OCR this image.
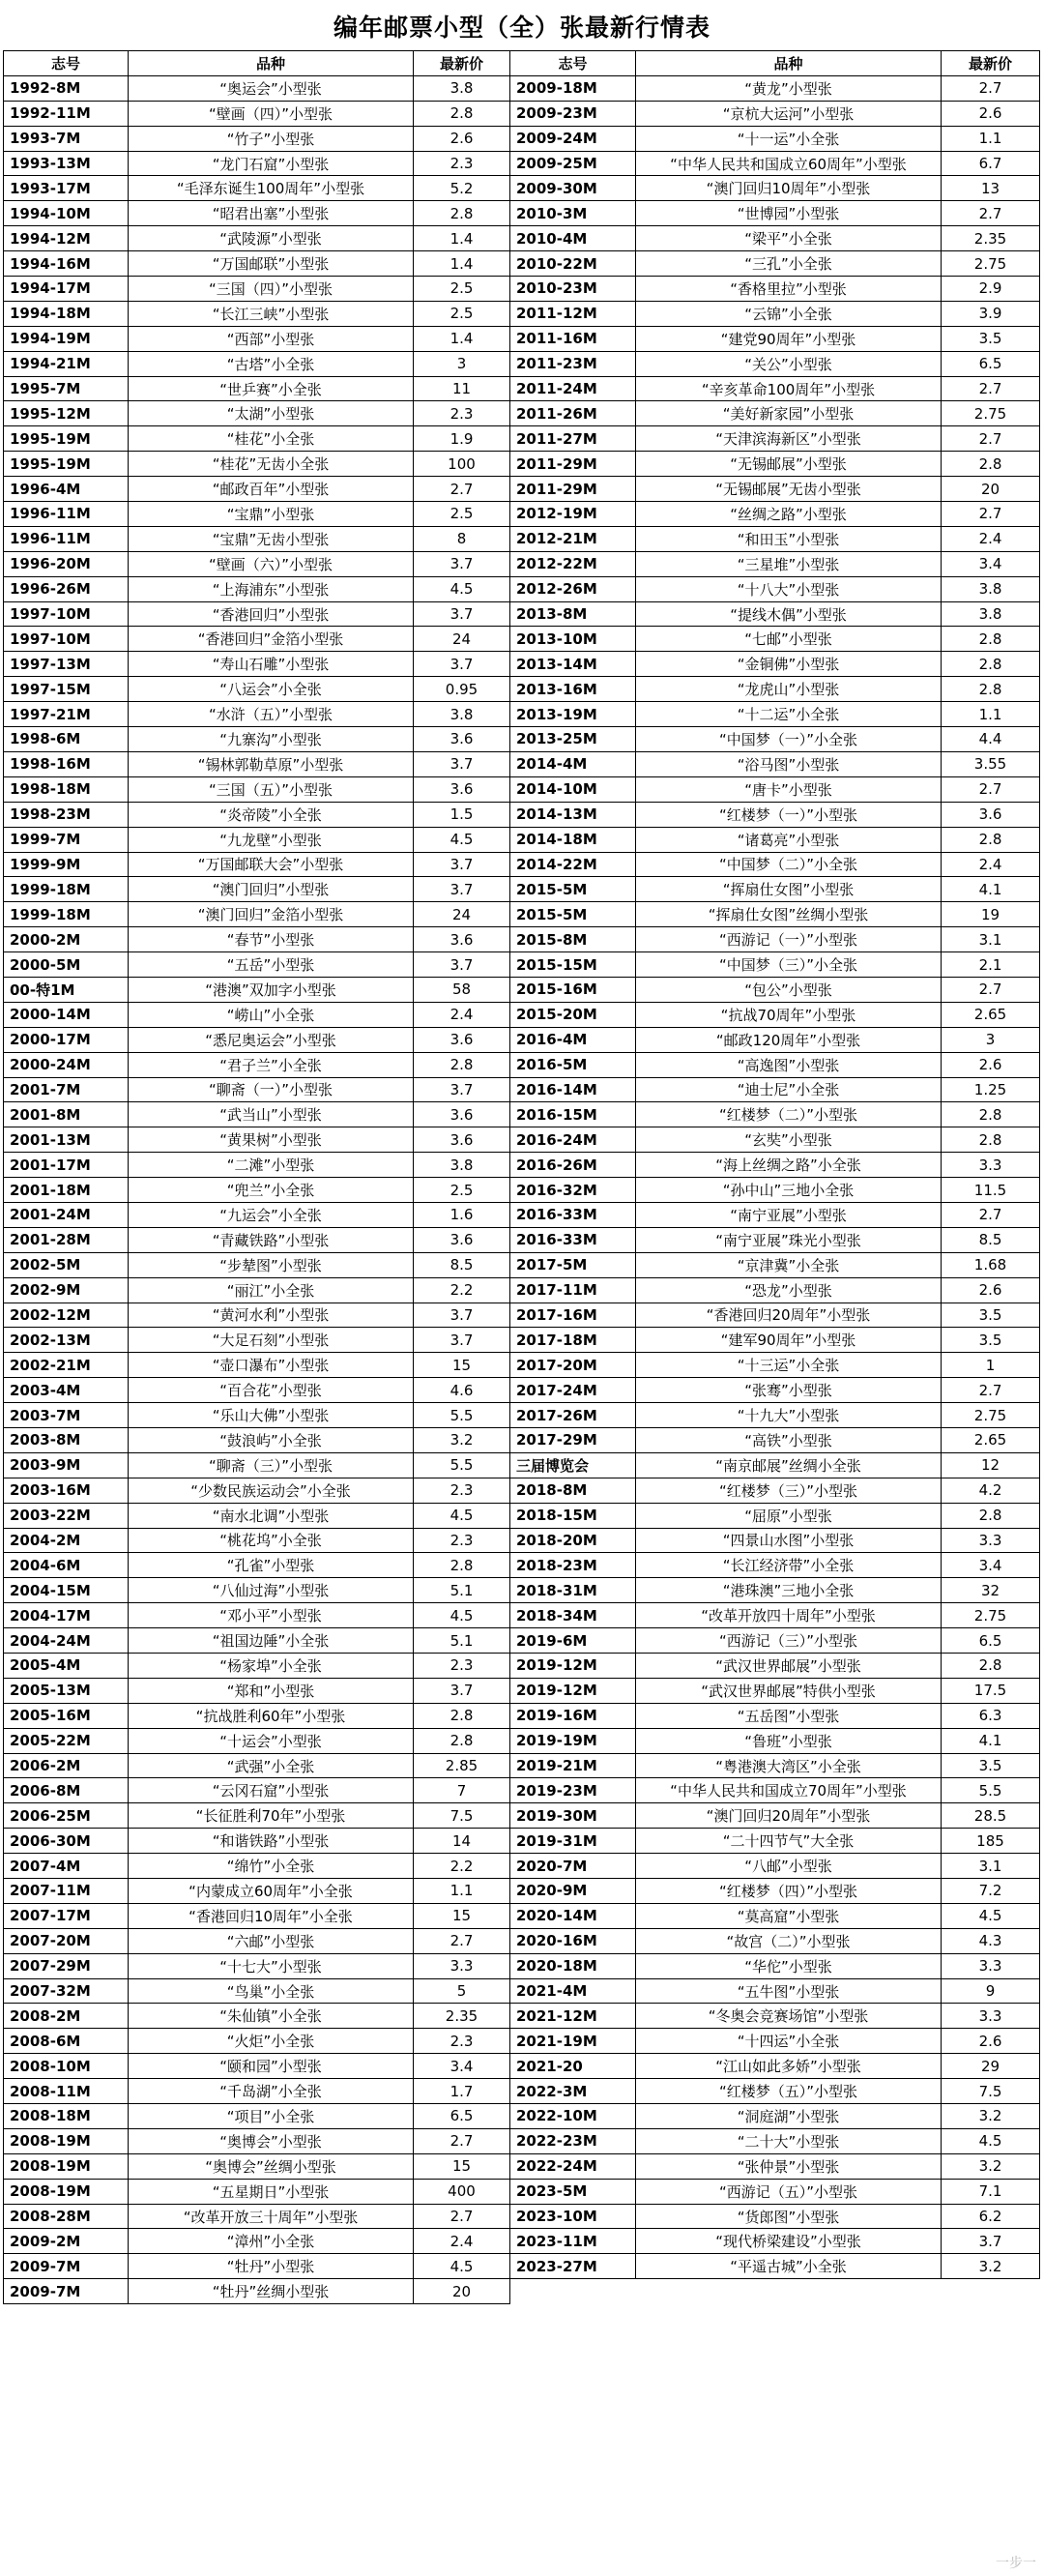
编年邮票小型（全）张最新行情表
志号	品种	最新价
1992-8M	“奥运会”小型张	3.8
1992-11M	“壁画（四）”小型张	2.8
1993-7M	“竹子”小型张	2.6
1993-13M	“龙门石窟”小型张	2.3
1993-17M	“毛泽东诞生100周年”小型张	5.2
1994-10M	“昭君出塞”小型张	2.8
1994-12M	“武陵源”小型张	1.4
1994-16M	“万国邮联”小型张	1.4
1994-17M	“三国（四）”小型张	2.5
1994-18M	“长江三峡”小型张	2.5
1994-19M	“西部”小型张	1.4
1994-21M	“古塔”小全张	3
1995-7M	“世乒赛”小全张	11
1995-12M	“太湖”小型张	2.3
1995-19M	“桂花”小全张	1.9
1995-19M	“桂花”无齿小全张	100
1996-4M	“邮政百年”小型张	2.7
1996-11M	“宝鼎”小型张	2.5
1996-11M	“宝鼎”无齿小型张	8
1996-20M	“壁画（六）”小型张	3.7
1996-26M	“上海浦东”小型张	4.5
1997-10M	“香港回归”小型张	3.7
1997-10M	“香港回归”金箔小型张	24
1997-13M	“寿山石雕”小型张	3.7
1997-15M	“八运会”小全张	0.95
1997-21M	“水浒（五）”小型张	3.8
1998-6M	“九寨沟”小型张	3.6
1998-16M	“锡林郭勒草原”小型张	3.7
1998-18M	“三国（五）”小型张	3.6
1998-23M	“炎帝陵”小全张	1.5
1999-7M	“九龙壁”小型张	4.5
1999-9M	“万国邮联大会”小型张	3.7
1999-18M	“澳门回归”小型张	3.7
1999-18M	“澳门回归”金箔小型张	24
2000-2M	“春节”小型张	3.6
2000-5M	“五岳”小型张	3.7
00-特1M	“港澳”双加字小型张	58
2000-14M	“崂山”小全张	2.4
2000-17M	“悉尼奥运会”小型张	3.6
2000-24M	“君子兰”小全张	2.8
2001-7M	“聊斋（一）”小型张	3.7
2001-8M	“武当山”小型张	3.6
2001-13M	“黄果树”小型张	3.6
2001-17M	“二滩”小型张	3.8
2001-18M	“兜兰”小全张	2.5
2001-24M	“九运会”小全张	1.6
2001-28M	“青藏铁路”小型张	3.6
2002-5M	“步辇图”小型张	8.5
2002-9M	“丽江”小全张	2.2
2002-12M	“黄河水利”小型张	3.7
2002-13M	“大足石刻”小型张	3.7
2002-21M	“壶口瀑布”小型张	15
2003-4M	“百合花”小型张	4.6
2003-7M	“乐山大佛”小型张	5.5
2003-8M	“鼓浪屿”小全张	3.2
2003-9M	“聊斋（三）”小型张	5.5
2003-16M	“少数民族运动会”小全张	2.3
2003-22M	“南水北调”小型张	4.5
2004-2M	“桃花坞”小全张	2.3
2004-6M	“孔雀”小型张	2.8
2004-15M	“八仙过海”小型张	5.1
2004-17M	“邓小平”小型张	4.5
2004-24M	“祖国边陲”小全张	5.1
2005-4M	“杨家埠”小全张	2.3
2005-13M	“郑和”小型张	3.7
2005-16M	“抗战胜利60年”小型张	2.8
2005-22M	“十运会”小型张	2.8
2006-2M	“武强”小全张	2.85
2006-8M	“云冈石窟”小型张	7
2006-25M	“长征胜利70年”小型张	7.5
2006-30M	“和谐铁路”小型张	14
2007-4M	“绵竹”小全张	2.2
2007-11M	“内蒙成立60周年”小全张	1.1
2007-17M	“香港回归10周年”小全张	15
2007-20M	“六邮”小型张	2.7
2007-29M	“十七大”小型张	3.3
2007-32M	“鸟巢”小全张	5
2008-2M	“朱仙镇”小全张	2.35
2008-6M	“火炬”小全张	2.3
2008-10M	“颐和园”小型张	3.4
2008-11M	“千岛湖”小全张	1.7
2008-18M	“项目”小全张	6.5
2008-19M	“奥博会”小型张	2.7
2008-19M	“奥博会”丝绸小型张	15
2008-19M	“五星期日”小型张	400
2008-28M	“改革开放三十周年”小型张	2.7
2009-2M	“漳州”小全张	2.4
2009-7M	“牡丹”小型张	4.5
2009-7M	“牡丹”丝绸小型张	20
志号	品种	最新价
2009-18M	“黄龙”小型张	2.7
2009-23M	“京杭大运河”小型张	2.6
2009-24M	“十一运”小全张	1.1
2009-25M	“中华人民共和国成立60周年”小型张	6.7
2009-30M	“澳门回归10周年”小型张	13
2010-3M	“世博园”小型张	2.7
2010-4M	“梁平”小全张	2.35
2010-22M	“三孔”小全张	2.75
2010-23M	“香格里拉”小型张	2.9
2011-12M	“云锦”小全张	3.9
2011-16M	“建党90周年”小型张	3.5
2011-23M	“关公”小型张	6.5
2011-24M	“辛亥革命100周年”小型张	2.7
2011-26M	“美好新家园”小型张	2.75
2011-27M	“天津滨海新区”小型张	2.7
2011-29M	“无锡邮展”小型张	2.8
2011-29M	“无锡邮展”无齿小型张	20
2012-19M	“丝绸之路”小型张	2.7
2012-21M	“和田玉”小型张	2.4
2012-22M	“三星堆”小型张	3.4
2012-26M	“十八大”小型张	3.8
2013-8M	“提线木偶”小型张	3.8
2013-10M	“七邮”小型张	2.8
2013-14M	“金铜佛”小型张	2.8
2013-16M	“龙虎山”小型张	2.8
2013-19M	“十二运”小全张	1.1
2013-25M	“中国梦（一）”小全张	4.4
2014-4M	“浴马图”小型张	3.55
2014-10M	“唐卡”小型张	2.7
2014-13M	“红楼梦（一）”小型张	3.6
2014-18M	“诸葛亮”小型张	2.8
2014-22M	“中国梦（二）”小全张	2.4
2015-5M	“挥扇仕女图”小型张	4.1
2015-5M	“挥扇仕女图”丝绸小型张	19
2015-8M	“西游记（一）”小型张	3.1
2015-15M	“中国梦（三）”小全张	2.1
2015-16M	“包公”小型张	2.7
2015-20M	“抗战70周年”小型张	2.65
2016-4M	“邮政120周年”小型张	3
2016-5M	“高逸图”小型张	2.6
2016-14M	“迪士尼”小全张	1.25
2016-15M	“红楼梦（二）”小型张	2.8
2016-24M	“玄奘”小型张	2.8
2016-26M	“海上丝绸之路”小全张	3.3
2016-32M	“孙中山”三地小全张	11.5
2016-33M	“南宁亚展”小型张	2.7
2016-33M	“南宁亚展”珠光小型张	8.5
2017-5M	“京津冀”小全张	1.68
2017-11M	“恐龙”小型张	2.6
2017-16M	“香港回归20周年”小型张	3.5
2017-18M	“建军90周年”小型张	3.5
2017-20M	“十三运”小全张	1
2017-24M	“张骞”小型张	2.7
2017-26M	“十九大”小型张	2.75
2017-29M	“高铁”小型张	2.65
三届博览会	“南京邮展”丝绸小全张	12
2018-8M	“红楼梦（三）”小型张	4.2
2018-15M	“屈原”小型张	2.8
2018-20M	“四景山水图”小型张	3.3
2018-23M	“长江经济带”小全张	3.4
2018-31M	“港珠澳”三地小全张	32
2018-34M	“改革开放四十周年”小型张	2.75
2019-6M	“西游记（三）”小型张	6.5
2019-12M	“武汉世界邮展”小型张	2.8
2019-12M	“武汉世界邮展”特供小型张	17.5
2019-16M	“五岳图”小型张	6.3
2019-19M	“鲁班”小型张	4.1
2019-21M	“粤港澳大湾区”小全张	3.5
2019-23M	“中华人民共和国成立70周年”小型张	5.5
2019-30M	“澳门回归20周年”小型张	28.5
2019-31M	“二十四节气”大全张	185
2020-7M	“八邮”小型张	3.1
2020-9M	“红楼梦（四）”小型张	7.2
2020-14M	“莫高窟”小型张	4.5
2020-16M	“故宫（二）”小型张	4.3
2020-18M	“华佗”小型张	3.3
2021-4M	“五牛图”小型张	9
2021-12M	“冬奥会竞赛场馆”小型张	3.3
2021-19M	“十四运”小全张	2.6
2021-20	“江山如此多娇”小型张	29
2022-3M	“红楼梦（五）”小型张	7.5
2022-10M	“洞庭湖”小型张	3.2
2022-23M	“二十大”小型张	4.5
2022-24M	“张仲景”小型张	3.2
2023-5M	“西游记（五）”小型张	7.1
2023-10M	“货郎图”小型张	6.2
2023-11M	“现代桥梁建设”小型张	3.7
2023-27M	“平遥古城”小全张	3.2
一步一
